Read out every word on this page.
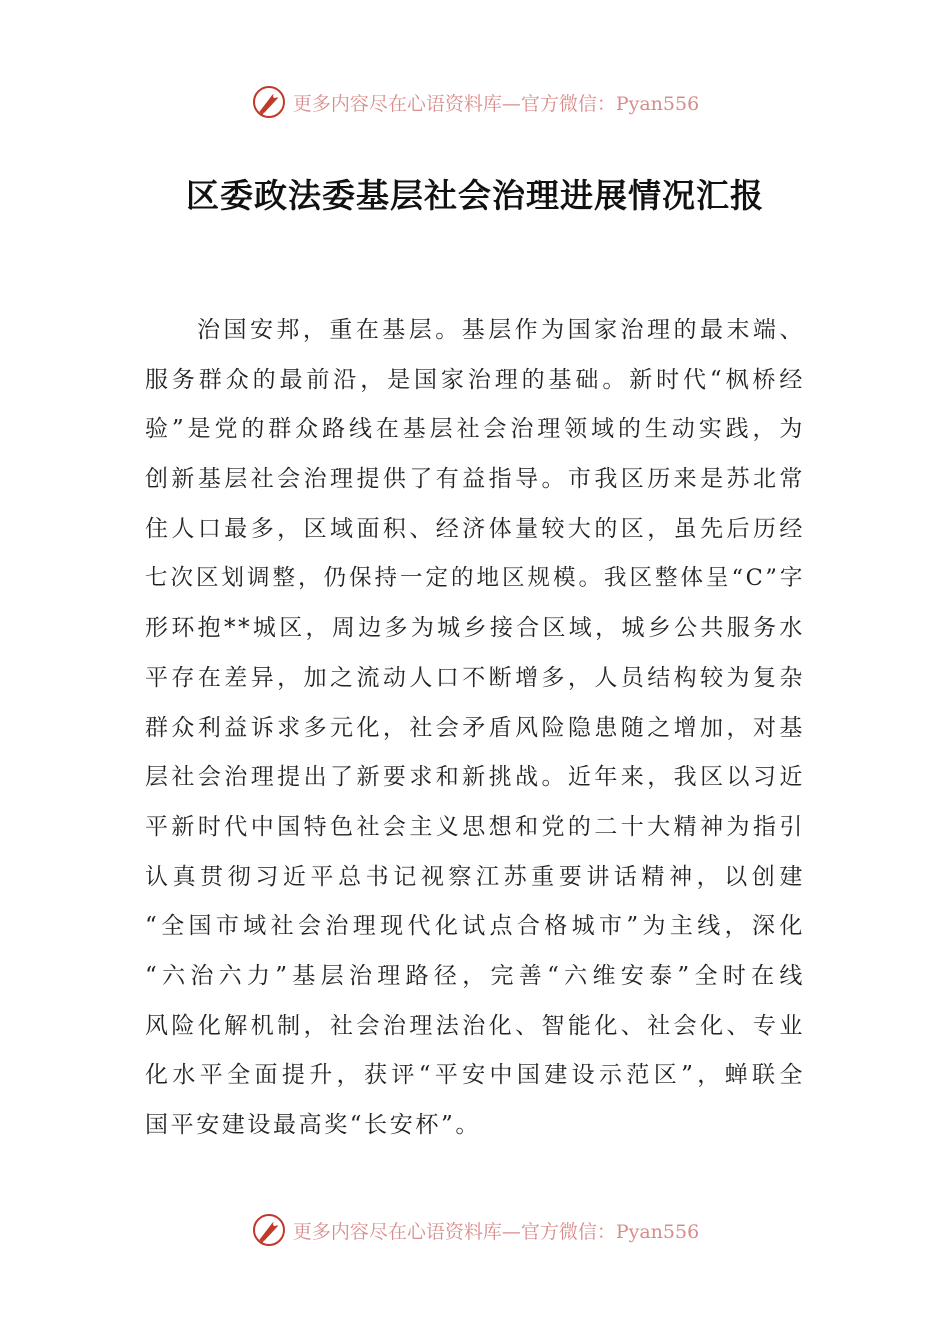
更多内容尽在心语资料库—官方微信：Pyan556
区委政法委基层社会治理进展情况汇报
治国安邦，重在基层。基层作为国家治理的最末端、
服务群众的最前沿，是国家治理的基础。新时代“枫桥经
验”是党的群众路线在基层社会治理领域的生动实践，为
创新基层社会治理提供了有益指导。市我区历来是苏北常
住人口最多，区域面积、经济体量较大的区，虽先后历经
七次区划调整，仍保持一定的地区规模。我区整体呈“C”字
形环抱**城区，周边多为城乡接合区域，城乡公共服务水
平存在差异，加之流动人口不断增多，人员结构较为复杂
群众利益诉求多元化，社会矛盾风险隐患随之增加，对基
层社会治理提出了新要求和新挑战。近年来，我区以习近
平新时代中国特色社会主义思想和党的二十大精神为指引
认真贯彻习近平总书记视察江苏重要讲话精神，以创建
“全国市域社会治理现代化试点合格城市”为主线，深化
“六治六力”基层治理路径，完善“六维安泰”全时在线
风险化解机制，社会治理法治化、智能化、社会化、专业
化水平全面提升，获评“平安中国建设示范区”，蝉联全
国平安建设最高奖“长安杯”。
更多内容尽在心语资料库—官方微信：Pyan556
